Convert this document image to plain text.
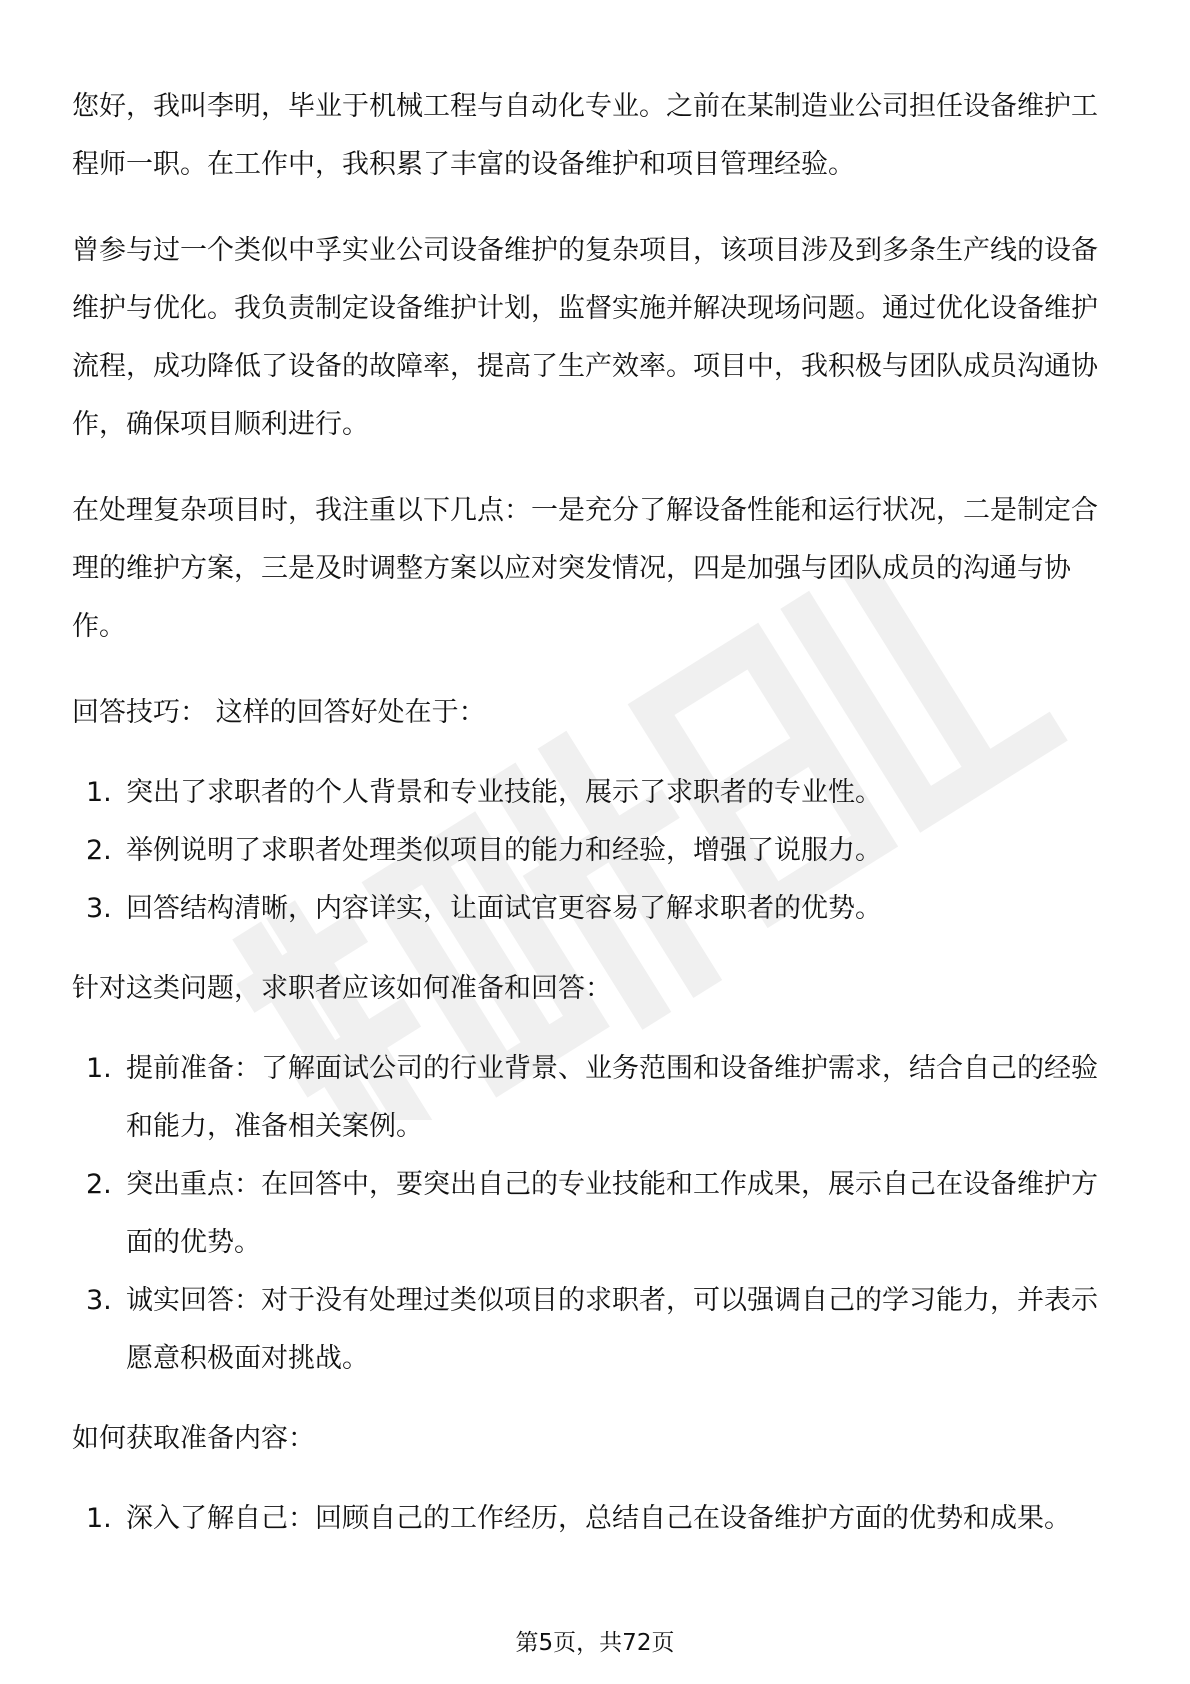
您好，我叫李明，毕业于机械工程与自动化专业。之前在某制造业公司担任设备维护工程师一职。在工作中，我积累了丰富的设备维护和项目管理经验。

曾参与过一个类似中孚实业公司设备维护的复杂项目，该项目涉及到多条生产线的设备维护与优化。我负责制定设备维护计划，监督实施并解决现场问题。通过优化设备维护流程，成功降低了设备的故障率，提高了生产效率。项目中，我积极与团队成员沟通协作，确保项目顺利进行。

在处理复杂项目时，我注重以下几点：一是充分了解设备性能和运行状况，二是制定合理的维护方案，三是及时调整方案以应对突发情况，四是加强与团队成员的沟通与协作。

回答技巧： 这样的回答好处在于：

1. 突出了求职者的个人背景和专业技能，展示了求职者的专业性。
2. 举例说明了求职者处理类似项目的能力和经验，增强了说服力。
3. 回答结构清晰，内容详实，让面试官更容易了解求职者的优势。

针对这类问题，求职者应该如何准备和回答：

1. 提前准备：了解面试公司的行业背景、业务范围和设备维护需求，结合自己的经验和能力，准备相关案例。
2. 突出重点：在回答中，要突出自己的专业技能和工作成果，展示自己在设备维护方面的优势。
3. 诚实回答：对于没有处理过类似项目的求职者，可以强调自己的学习能力，并表示愿意积极面对挑战。

如何获取准备内容：

1. 深入了解自己：回顾自己的工作经历，总结自己在设备维护方面的优势和成果。
第5页，共72页
